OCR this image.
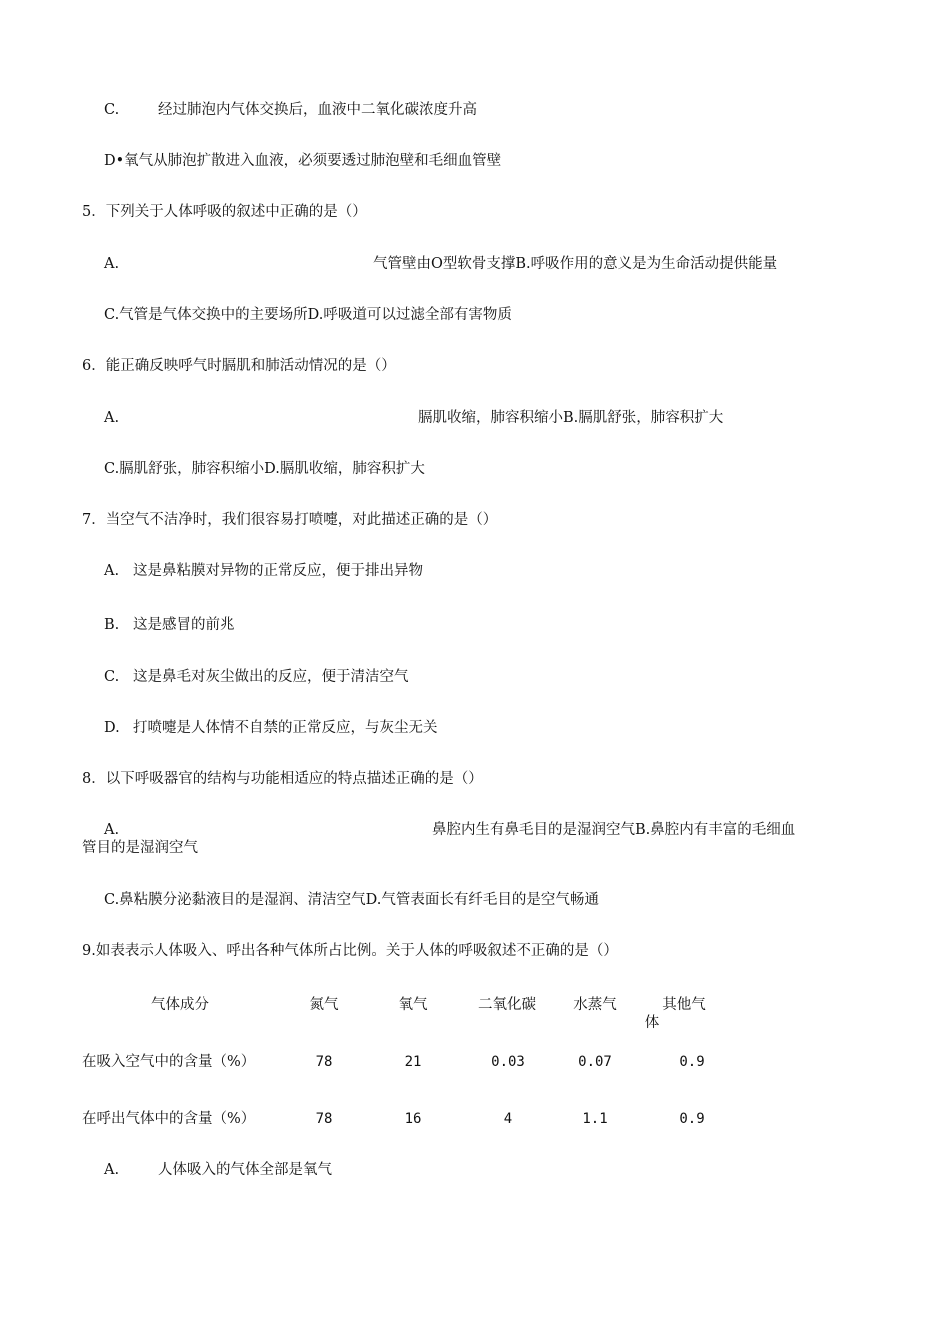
C.	经过肺泡内气体交换后，血液中二氧化碳浓度升高
D•氧气从肺泡扩散进入血液，必须要透过肺泡壁和毛细血管壁
5．下列关于人体呼吸的叙述中正确的是（）
A.	气管壁由O型软骨支撑B.呼吸作用的意义是为生命活动提供能量
C.气管是气体交换中的主要场所D.呼吸道可以过滤全部有害物质
6．能正确反映呼气时膈肌和肺活动情况的是（）
A.	膈肌收缩，肺容积缩小B.膈肌舒张，肺容积扩大
C.膈肌舒张，肺容积缩小D.膈肌收缩，肺容积扩大
7．当空气不洁净时，我们很容易打喷嚏，对此描述正确的是（）
A. 这是鼻粘膜对异物的正常反应，便于排出异物
B. 这是感冒的前兆
C. 这是鼻毛对灰尘做出的反应，便于清洁空气
D. 打喷嚏是人体情不自禁的正常反应，与灰尘无关
8．以下呼吸器官的结构与功能相适应的特点描述正确的是（）
A.	鼻腔内生有鼻毛目的是湿润空气B.鼻腔内有丰富的毛细血
管目的是湿润空气
C.鼻粘膜分泌黏液目的是湿润、清洁空气D.气管表面长有纤毛目的是空气畅通
9.如表表示人体吸入、呼出各种气体所占比例。关于人体的呼吸叙述不正确的是（）
气体成分	氮气	氧气	二氧化碳	水蒸气	其他气
体
在吸入空气中的含量（%）	78	21	0.03	0.07	0.9
在呼出气体中的含量（%）	78	16	4	1.1	0.9
A.	人体吸入的气体全部是氧气
